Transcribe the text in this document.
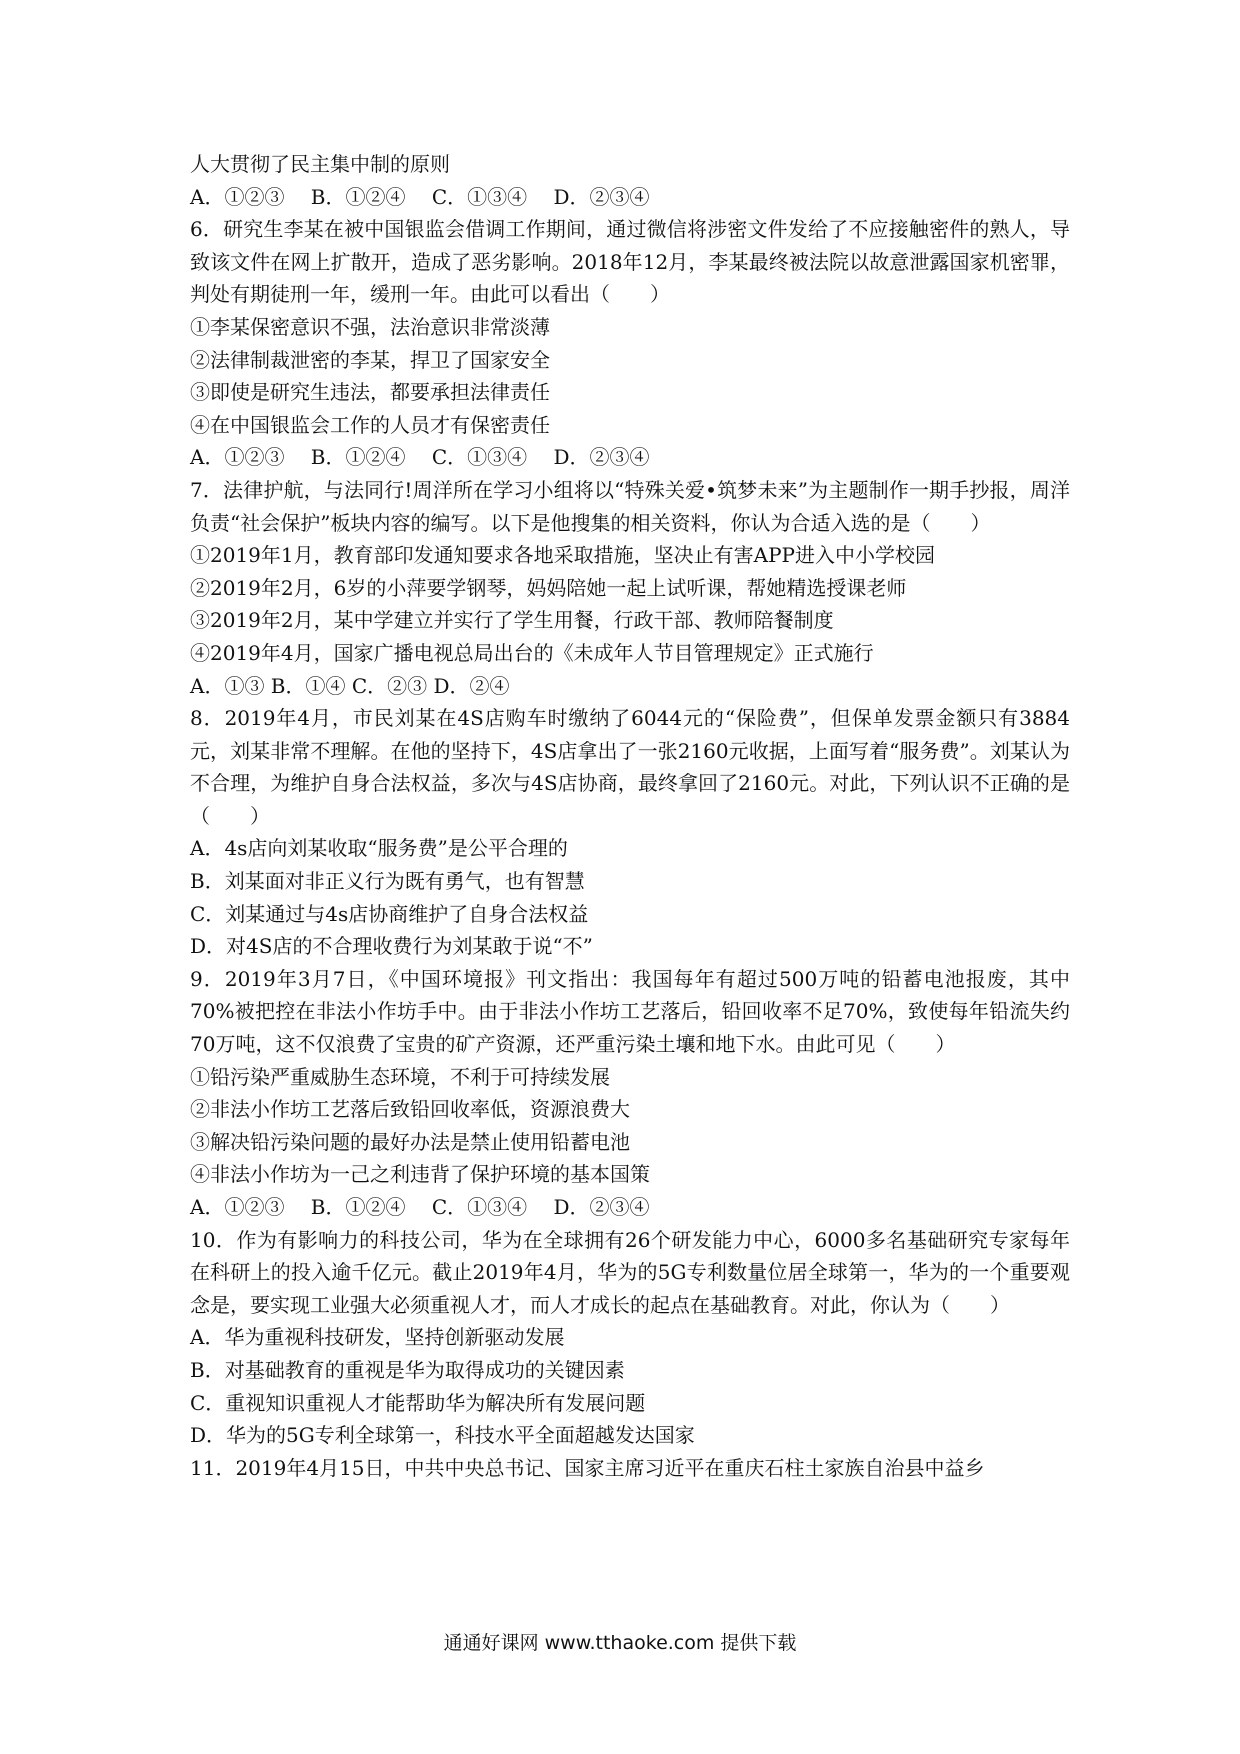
人大贯彻了民主集中制的原则

A．①②③　 B．①②④　 C．①③④　 D．②③④

6．研究生李某在被中国银监会借调工作期间，通过微信将涉密文件发给了不应接触密件的熟人，导致该文件在网上扩散开，造成了恶劣影响。2018年12月，李某最终被法院以故意泄露国家机密罪，判处有期徒刑一年，缓刑一年。由此可以看出（　　）

①李某保密意识不强，法治意识非常淡薄

②法律制裁泄密的李某，捍卫了国家安全

③即使是研究生违法，都要承担法律责任

④在中国银监会工作的人员才有保密责任

A．①②③　 B．①②④　 C．①③④　 D．②③④

7．法律护航，与法同行!周洋所在学习小组将以“特殊关爱•筑梦未来”为主题制作一期手抄报，周洋负责“社会保护”板块内容的编写。以下是他搜集的相关资料，你认为合适入选的是（　　）

①2019年1月，教育部印发通知要求各地采取措施，坚决止有害APP进入中小学校园

②2019年2月，6岁的小萍要学钢琴，妈妈陪她一起上试听课，帮她精选授课老师

③2019年2月，某中学建立并实行了学生用餐，行政干部、教师陪餐制度

④2019年4月，国家广播电视总局出台的《未成年人节目管理规定》正式施行

A．①③ B．①④ C．②③ D．②④

8．2019年4月，市民刘某在4S店购车时缴纳了6044元的“保险费”，但保单发票金额只有3884元，刘某非常不理解。在他的坚持下，4S店拿出了一张2160元收据，上面写着“服务费”。刘某认为不合理，为维护自身合法权益，多次与4S店协商，最终拿回了2160元。对此，下列认识不正确的是（　　）

A．4s店向刘某收取“服务费”是公平合理的

B．刘某面对非正义行为既有勇气，也有智慧

C．刘某通过与4s店协商维护了自身合法权益

D．对4S店的不合理收费行为刘某敢于说“不”

9．2019年3月7日，《中国环境报》刊文指出：我国每年有超过500万吨的铅蓄电池报废，其中70%被把控在非法小作坊手中。由于非法小作坊工艺落后，铅回收率不足70%，致使每年铅流失约70万吨，这不仅浪费了宝贵的矿产资源，还严重污染土壤和地下水。由此可见（　　）

①铅污染严重威胁生态环境，不利于可持续发展

②非法小作坊工艺落后致铅回收率低，资源浪费大

③解决铅污染问题的最好办法是禁止使用铅蓄电池

④非法小作坊为一己之利违背了保护环境的基本国策

A．①②③　 B．①②④　 C．①③④　 D．②③④

10．作为有影响力的科技公司，华为在全球拥有26个研发能力中心，6000多名基础研究专家每年在科研上的投入逾千亿元。截止2019年4月，华为的5G专利数量位居全球第一，华为的一个重要观念是，要实现工业强大必须重视人才，而人才成长的起点在基础教育。对此，你认为（　　）

A．华为重视科技研发，坚持创新驱动发展

B．对基础教育的重视是华为取得成功的关键因素

C．重视知识重视人才能帮助华为解决所有发展问题

D．华为的5G专利全球第一，科技水平全面超越发达国家

11．2019年4月15日，中共中央总书记、国家主席习近平在重庆石柱土家族自治县中益乡

通通好课网 www.tthaoke.com 提供下载
